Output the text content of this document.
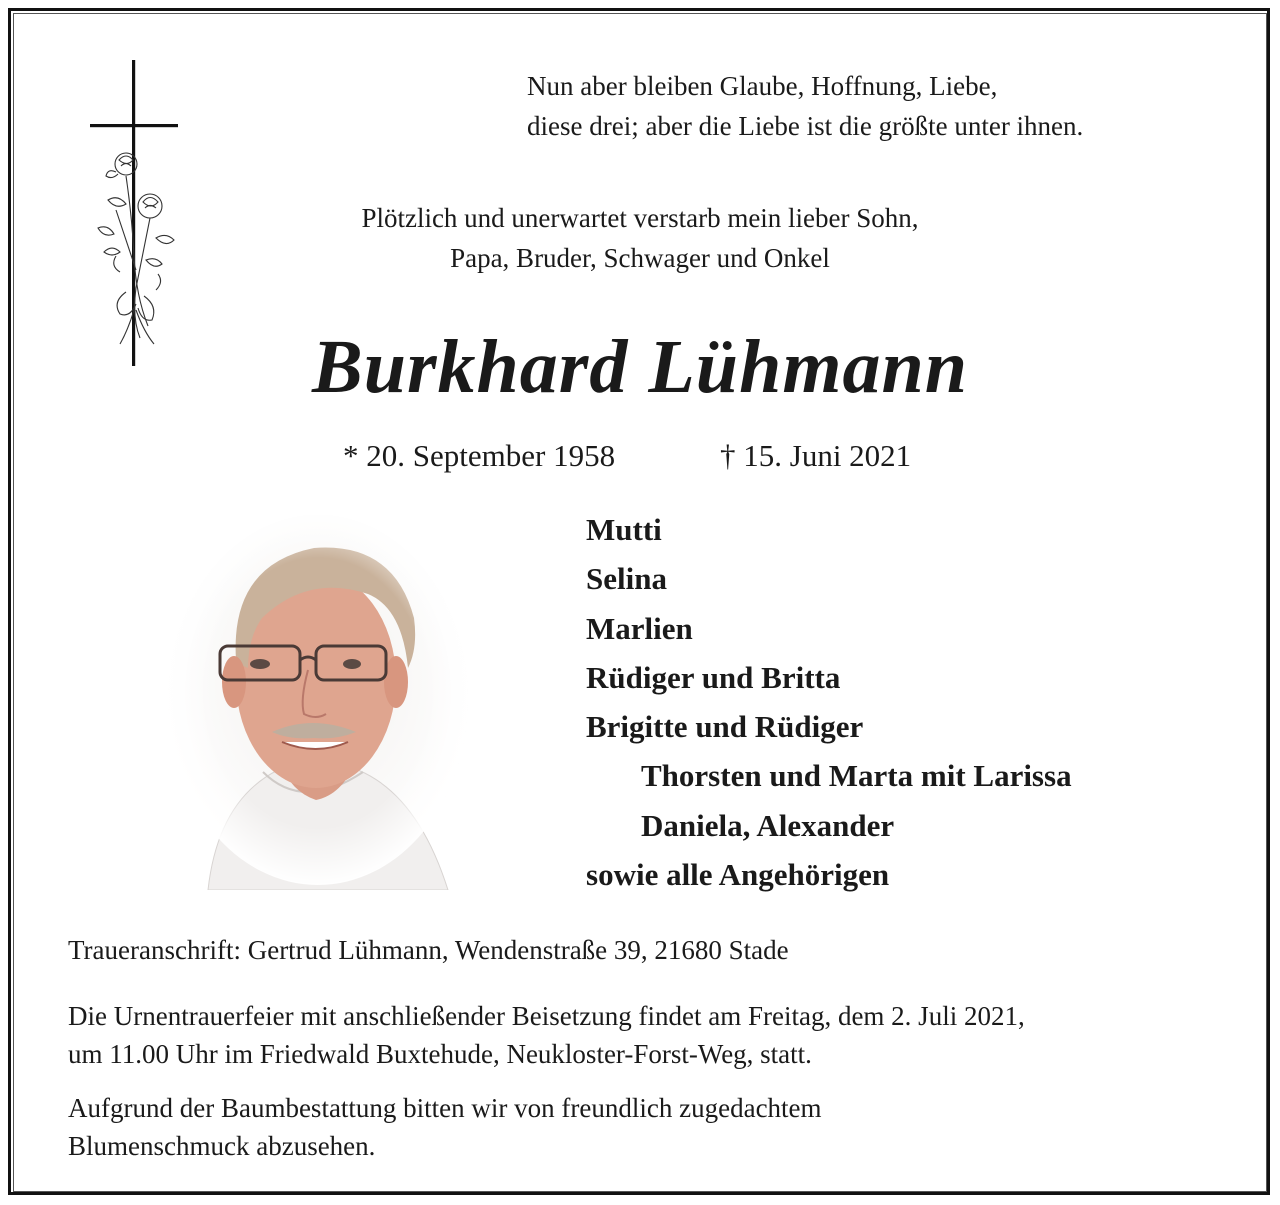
Nun aber bleiben Glaube, Hoffnung, Liebe,
diese drei; aber die Liebe ist die größte unter ihnen.
Plötzlich und unerwartet verstarb mein lieber Sohn,
Papa, Bruder, Schwager und Onkel
Burkhard Lühmann
* 20. September 1958	† 15. Juni 2021
Mutti
Selina
Marlien
Rüdiger und Britta
Brigitte und Rüdiger
Thorsten und Marta mit Larissa
Daniela, Alexander
sowie alle Angehörigen
Traueranschrift: Gertrud Lühmann, Wendenstraße 39, 21680 Stade
Die Urnentrauerfeier mit anschließender Beisetzung findet am Freitag, dem 2. Juli 2021,
um 11.00 Uhr im Friedwald Buxtehude, Neukloster-Forst-Weg, statt.
Aufgrund der Baumbestattung bitten wir von freundlich zugedachtem
Blumenschmuck abzusehen.
